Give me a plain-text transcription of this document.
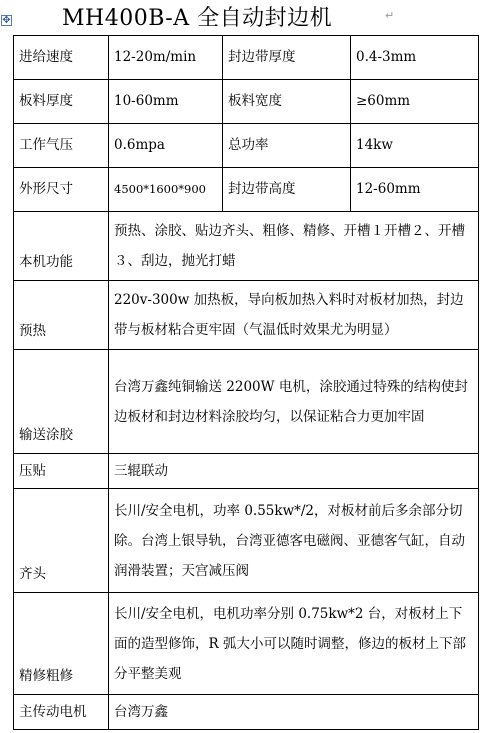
✥ MH400B-A 全自动封边机	↵
进给速度	12-20m/min	封边带厚度	0.4-3mm
板料厚度	10-60mm	板料宽度	≥60mm
工作气压	0.6mpa	总功率	14kw
外形尺寸	4500*1600*900	封边带高度	12-60mm
本机功能	预热、涂胶、贴边齐头、粗修、精修、开槽１开槽２、开槽３、刮边，抛光打蜡		
预热	220v-300w 加热板，导向板加热入料时对板材加热，封边带与板材粘合更牢固（气温低时效果尤为明显）		
输送涂胶	台湾万鑫纯铜输送 2200W 电机，涂胶通过特殊的结构使封边板材和封边材料涂胶均匀，以保证粘合力更加牢固		
压贴	三辊联动		
齐头	长川/安全电机，功率 0.55kw*/2，对板材前后多余部分切除。台湾上银导轨，台湾亚德客电磁阀、亚德客气缸，自动润滑装置；天宫减压阀		
精修粗修	长川/安全电机，电机功率分别 0.75kw*2 台，对板材上下面的造型修饰，R 弧大小可以随时调整，修边的板材上下部分平整美观		
主传动电机	台湾万鑫		
